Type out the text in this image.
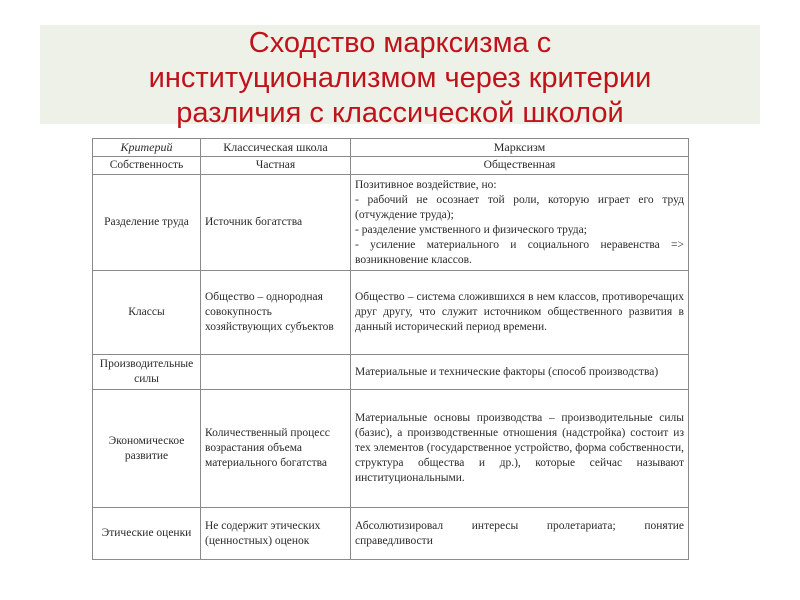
Сходство марксизма с
институционализмом через критерии
различия с классической школой
Критерий	Классическая школа	Марксизм
Собственность	Частная	Общественная

Разделение труда	Источник богатства	Позитивное воздействие, но:
- рабочий не осознает той роли, которую играет его труд (отчуждение труда);
- разделение умственного и физического труда;
- усиление материального и социального неравенства => возникновение классов.

Классы	Общество – однородная совокупность хозяйствующих субъектов	Общество – система сложившихся в нем классов, противоречащих друг другу, что служит источником общественного развития в данный исторический период времени.

Производительные силы		Материальные и технические факторы (способ производства)

Экономическое развитие	Количественный процесс возрастания объема материального богатства	Материальные основы производства – производительные силы (базис), а производственные отношения (надстройка) состоит из тех элементов (государственное устройство, форма собственности, структура общества и др.), которые сейчас называют институциональными.

Этические оценки	Не содержит этических (ценностных) оценок	Абсолютизировал интересы пролетариата; понятие справедливости
